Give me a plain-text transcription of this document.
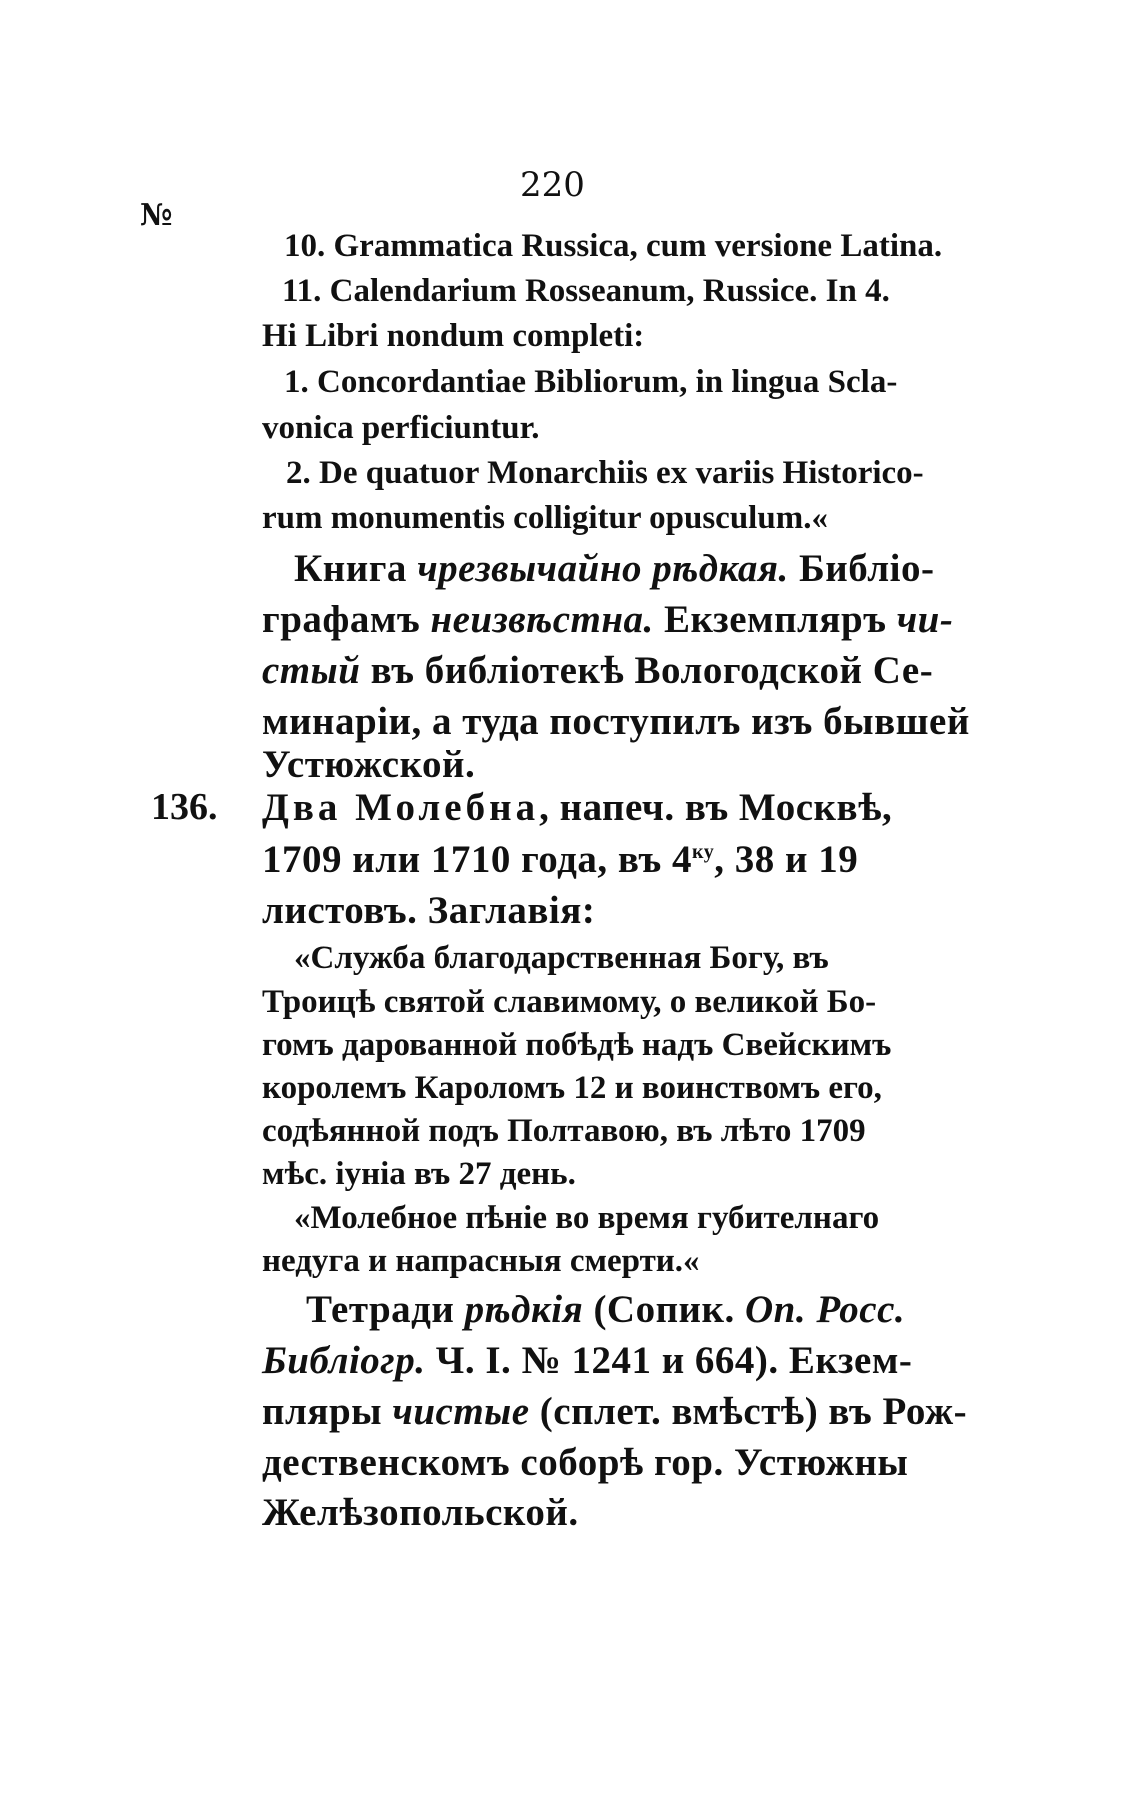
220
№
10. Grammatica Russica, cum versione Latina.
11. Calendarium Rosseanum, Russice. In 4.
Hi Libri nondum completi:
1. Concordantiae Bibliorum, in lingua Scla-
vonica perficiuntur.
2. De quatuor Monarchiis ex variis Historico-
rum monumentis colligitur opusculum.«
Книга чрезвычайно рѣдкая. Библіо-
графамъ неизвѣстна. Екземпляръ чи-
стый въ библіотекѣ Вологодской Се-
минаріи, а туда поступилъ изъ бывшей
Устюжской.
136. Два Молебна, напеч. въ Москвѣ,
1709 или 1710 года, въ $4^{ку}$, 38 и 19
листовъ. Заглавія:
«Служба благодарственная Богу, въ
Троицѣ святой славимому, о великой Бо-
гомъ дарованной побѣдѣ надъ Свейскимъ
королемъ Кароломъ 12 и воинствомъ его,
содѣянной подъ Полтавою, въ лѣто 1709
мѣс. іуніа въ 27 день.
«Молебное пѣніе во время губителнаго
недуга и напрасныя смерти.«
Тетради рѣдкія (Сопик. Оп. Росс.
Библіогр. Ч. I. № 1241 и 664). Екзем-
пляры чистые (сплет. вмѣстѣ) въ Рож-
дественскомъ соборѣ гор. Устюжны
Желѣзопольской.
